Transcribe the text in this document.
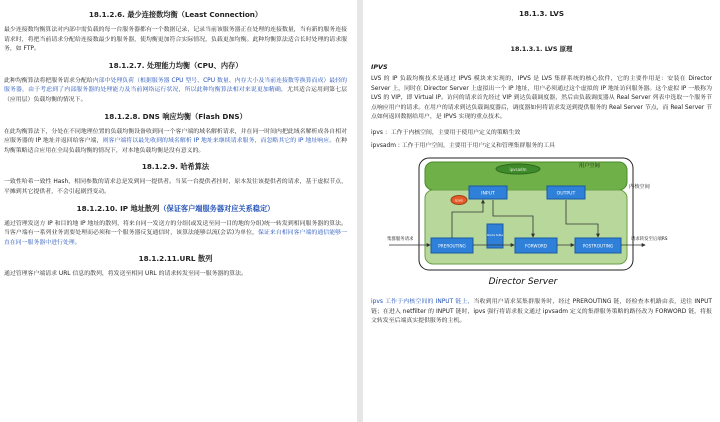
18.1.2.6. 最少连接数均衡（Least Connection）

最少连接数均衡算法对内部中需负载的每一台服务器都有一个数据记录，记录当前该服务器正在处理的连接数量，当有新的服务连接请求时，将把当前请求分配给连接数最少的服务器，使均衡更加符合实际情况，负载更加均衡。此种均衡算法适合长时处理的请求服务，如 FTP。

18.1.2.7. 处理能力均衡（CPU、内存）

此种均衡算法将把服务请求分配给内部中处理负荷（根据服务器 CPU 型号、CPU 数量、内存大小及当前连接数等换算而成）最轻的服务器，由于考虑到了内部服务器的处理能力及当前网络运行状况，所以此种均衡算法相对来说更加精确，尤其适合运用到第七层（应用层）负载均衡的情况下。

18.1.2.8. DNS 响应均衡（Flash DNS）

在此均衡算法下，分处在不同地理位置的负载均衡设备收到同一个客户端的域名解析请求，并在同一时间内把此域名解析成各自相对应服务器的 IP 地址并返回给客户端，则客户端将以最先收到的域名解析 IP 地址来继续请求服务，而忽略其它的 IP 地址响应。在种均衡策略适合应用在全局负载均衡的情况下，对本地负载均衡是没有意义的。

18.1.2.9. 哈希算法

一致性哈希一致性 Hash，相同参数的请求总是发到同一提供者。当某一台提供者挂时，原本发往该提供者的请求，基于虚拟节点，平摊到其它提供者，不会引起剧烈变动。

18.1.2.10. IP 地址散列（保证客户端服务器对应关系稳定）

通过管理发送方 IP 和目的地 IP 地址的散列，将来自同一发送方的分组(或发送至同一目的地的分组)统一转发到相同服务器的算法。当客户端有一系列业务需要处理而必须和一个服务器反复通信时，该算法能够以流(会话)为单位，保证来自相同客户端的通信能够一直在同一服务器中进行处理。

18.1.2.11.URL 散列

通过管理客户端请求 URL 信息的散列，将发送至相同 URL 的请求转发至同一服务器的算法。

18.1.3. LVS
18.1.3.1. LVS 原理
IPVS

LVS 的 IP 负载均衡技术是通过 IPVS 模块来实现的，IPVS 是 LVS 集群系统的核心软件，它的主要作用是：安装在 Director Server 上，同时在 Director Server 上虚拟出一个 IP 地址，用户必须通过这个虚拟的 IP 地址访问服务器。这个虚拟 IP 一般称为 LVS 的 VIP，即 Virtual IP。访问的请求首先经过 VIP 到达负载调度器，然后由负载调度器从 Real Server 列表中选取一个服务节点响应用户的请求。在用户的请求到达负载调度器后，调度器如何将请求发送到提供服务的 Real Server 节点，而 Real Server 节点如何返回数据给用户，是 IPVS 实现的重点技术。

ipvs ：工作于内核空间，主要用于使用户定义的策略生效

ipvsadm : 工作于用户空间，主要用于用户定义和管理集群服务的工具

ipvsadm
用户空间
内核空间
INPUT	OUTPUT
ipvs
Route table
PREROUTING	FORWORD	POSTROUTING
集群服务请求	请求转发至后端RS
Director Server

ipvs 工作于内核空间的 INPUT 链上，当收到用户请求某集群服务时，经过 PREROUTING 链，经检查本机路由表，送往 INPUT 链；在进入 netfilter 的 INPUT 链时，ipvs 强行将请求报文通过 ipvsadm 定义的集群服务策略的路径改为 FORWORD 链，将报文转发至后端真实提供服务的主机。
